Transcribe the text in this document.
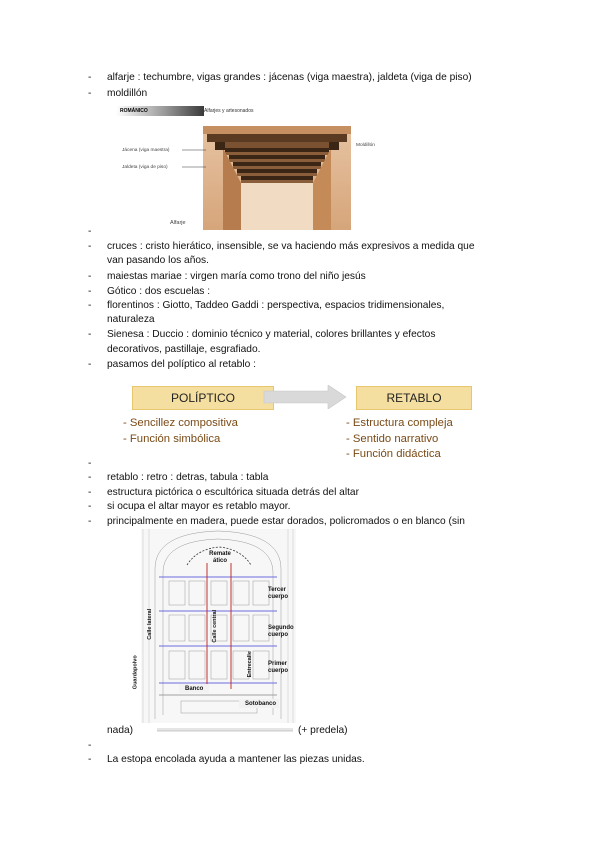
-	alfarje : techumbre, vigas grandes : jácenas (viga maestra), jaldeta (viga de piso)
-	moldillón
ROMÁNICO	Alfarjes y artesonados
Jácena (viga maestra)
Jaldeta (viga de piso)
Moldillón
Alfarje
-
-	cruces : cristo hierático, insensible, se va haciendo más expresivos a medida que
van pasando los años.
-	maiestas mariae : virgen maría como trono del niño jesús
-	Gótico : dos escuelas :
-	florentinos : Giotto, Taddeo Gaddi : perspectiva, espacios tridimensionales,
naturaleza
-	Sienesa : Duccio : dominio técnico y material, colores brillantes y efectos
decorativos, pastillaje, esgrafiado.
-	pasamos del políptico al retablo :
POLÍPTICO	RETABLO
- Sencillez compositiva
- Función simbólica
- Estructura compleja
- Sentido narrativo
- Función didáctica
-
-	retablo : retro : detras, tabula : tabla
-	estructura pictórica o escultórica situada detrás del altar
-	si ocupa el altar mayor es retablo mayor.
-	principalmente en madera, puede estar dorados, policromados o en blanco (sin
Remate
ático
Tercer
cuerpo
Segundo
cuerpo
Primer
cuerpo
Banco
Sotobanco
Calle lateral	Calle central
Entrecalle
Guardapolvo
nada)	(+ predela)
-
-	La estopa encolada ayuda a mantener las piezas unidas.
